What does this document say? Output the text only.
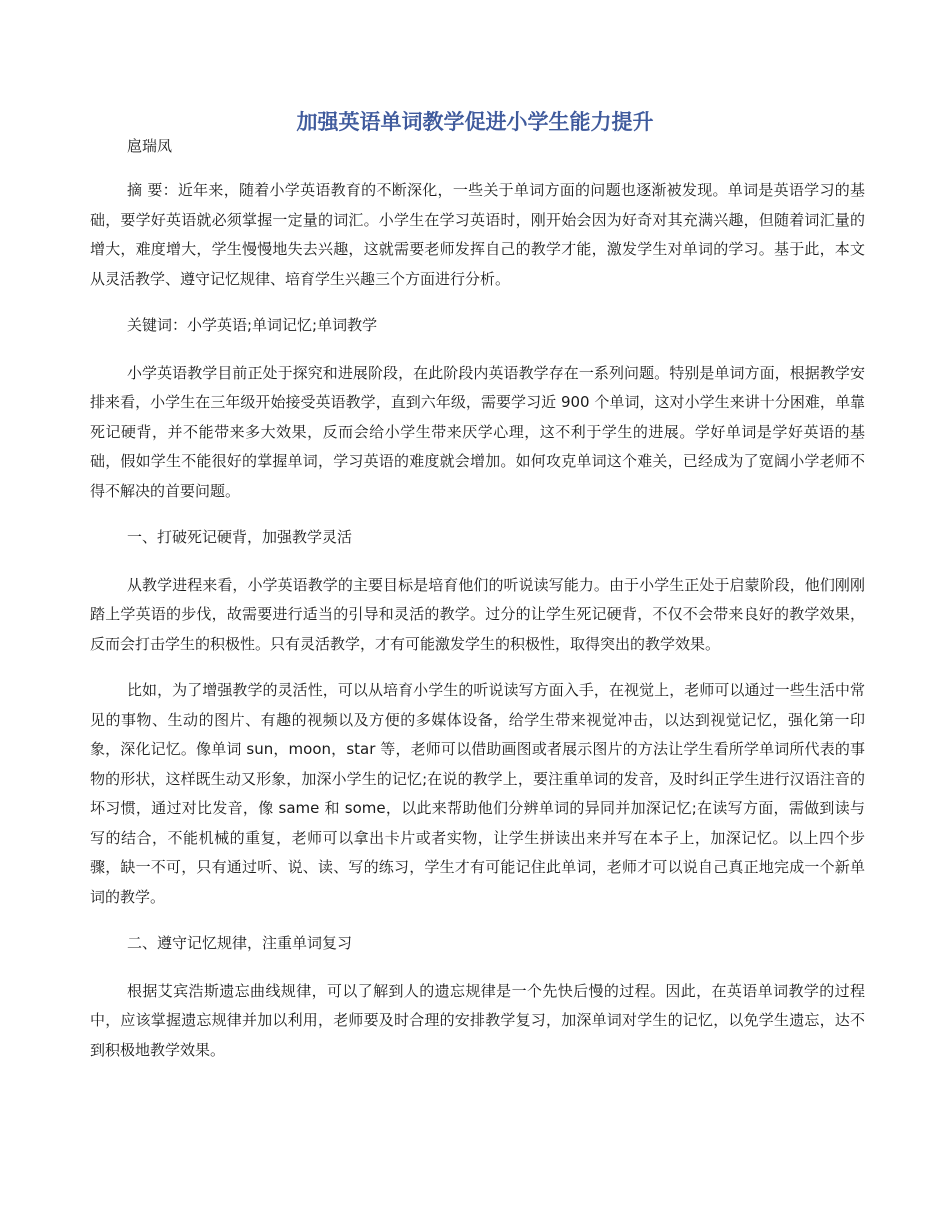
加强英语单词教学促进小学生能力提升
扈瑞凤

摘 要：近年来，随着小学英语教育的不断深化，一些关于单词方面的问题也逐渐被发现。单词是英语学习的基础，要学好英语就必须掌握一定量的词汇。小学生在学习英语时，刚开始会因为好奇对其充满兴趣，但随着词汇量的增大，难度增大，学生慢慢地失去兴趣，这就需要老师发挥自己的教学才能，激发学生对单词的学习。基于此，本文从灵活教学、遵守记忆规律、培育学生兴趣三个方面进行分析。

关键词：小学英语;单词记忆;单词教学

小学英语教学目前正处于探究和进展阶段，在此阶段内英语教学存在一系列问题。特别是单词方面，根据教学安排来看，小学生在三年级开始接受英语教学，直到六年级，需要学习近 900 个单词，这对小学生来讲十分困难，单靠死记硬背，并不能带来多大效果，反而会给小学生带来厌学心理，这不利于学生的进展。学好单词是学好英语的基础，假如学生不能很好的掌握单词，学习英语的难度就会增加。如何攻克单词这个难关，已经成为了宽阔小学老师不得不解决的首要问题。

一、打破死记硬背，加强教学灵活

从教学进程来看，小学英语教学的主要目标是培育他们的听说读写能力。由于小学生正处于启蒙阶段，他们刚刚踏上学英语的步伐，故需要进行适当的引导和灵活的教学。过分的让学生死记硬背，不仅不会带来良好的教学效果，反而会打击学生的积极性。只有灵活教学，才有可能激发学生的积极性，取得突出的教学效果。

比如，为了增强教学的灵活性，可以从培育小学生的听说读写方面入手，在视觉上，老师可以通过一些生活中常见的事物、生动的图片、有趣的视频以及方便的多媒体设备，给学生带来视觉冲击，以达到视觉记忆，强化第一印象，深化记忆。像单词 sun，moon，star 等，老师可以借助画图或者展示图片的方法让学生看所学单词所代表的事物的形状，这样既生动又形象，加深小学生的记忆;在说的教学上，要注重单词的发音，及时纠正学生进行汉语注音的坏习惯，通过对比发音，像 same 和 some，以此来帮助他们分辨单词的异同并加深记忆;在读写方面，需做到读与写的结合，不能机械的重复，老师可以拿出卡片或者实物，让学生拼读出来并写在本子上，加深记忆。以上四个步骤，缺一不可，只有通过听、说、读、写的练习，学生才有可能记住此单词，老师才可以说自己真正地完成一个新单词的教学。

二、遵守记忆规律，注重单词复习

根据艾宾浩斯遗忘曲线规律，可以了解到人的遗忘规律是一个先快后慢的过程。因此，在英语单词教学的过程中，应该掌握遗忘规律并加以利用，老师要及时合理的安排教学复习，加深单词对学生的记忆，以免学生遗忘，达不到积极地教学效果。
